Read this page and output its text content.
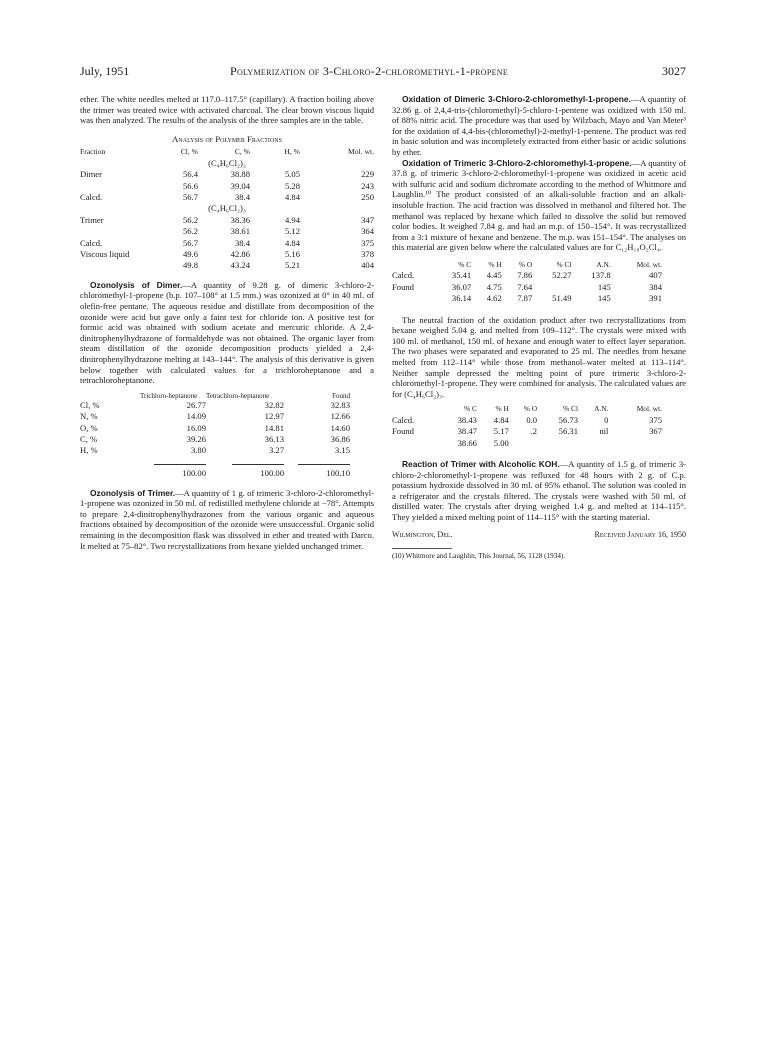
July, 1951	Polymerization of 3-Chloro-2-chloromethyl-1-propene	3027

ether. The white needles melted at 117.0–117.5° (capillary). A fraction boiling above the trimer was treated twice with activated charcoal. The clear brown viscous liquid was then analyzed. The results of the analysis of the three samples are in the table.

Analysis of Polymer Fractions
Fraction	Cl, %	C, %	H, %	Mol. wt.
(C₄H₆Cl₂)₂				
Dimer	56.4	38.88	5.05	229
	56.6	39.04	5.28	243
Calcd.	56.7	38.4	4.84	250
(C₄H₆Cl₂)₃				
Trimer	56.2	38.36	4.94	347
	56.2	38.61	5.12	364
Calcd.	56.7	38.4	4.84	375
Viscous liquid	49.6	42.86	5.16	378
	49.8	43.24	5.21	404

Ozonolysis of Dimer.—A quantity of 9.28 g. of dimeric 3-chloro-2-chloromethyl-1-propene (b.p. 107–108° at 1.5 mm.) was ozonized at 0° in 40 ml. of olefin-free pentane. The aqueous residue and distillate from decomposition of the ozonide were acid but gave only a faint test for chloride ion. A positive test for formic acid was obtained with sodium acetate and mercuric chloride. A 2,4-dinitrophenylhydrazone of formaldehyde was not obtained. The organic layer from steam distillation of the ozonide decomposition products yielded a 2,4-dinitrophenylhydrazone melting at 143–144°. The analysis of this derivative is given below together with calculated values for a trichloroheptanone and a tetrachloroheptanone.

	Trichloro-heptanone	Tetrachloro-heptanone	Found
Cl, %	26.77	32.82	32.83
N, %	14.09	12.97	12.66
O, %	16.09	14.81	14.60
C, %	39.26	36.13	36.86
H, %	3.80	3.27	3.15

	100.00	100.00	100.10

Ozonolysis of Trimer.—A quantity of 1 g. of trimeric 3-chloro-2-chloromethyl-1-propene was ozonized in 50 ml. of redistilled methylene chloride at −78°. Attempts to prepare 2,4-dinitrophenylhydrazones from the various organic and aqueous fractions obtained by decomposition of the ozonide were unsuccessful. Organic solid remaining in the decomposition flask was dissolved in ether and treated with Darco. It melted at 75–82°. Two recrystallizations from hexane yielded unchanged trimer.

Oxidation of Dimeric 3-Chloro-2-chloromethyl-1-propene.—A quantity of 32.86 g. of 2,4,4-tris-(chloromethyl)-5-chloro-1-pentene was oxidized with 150 ml. of 88% nitric acid. The procedure was that used by Wilzbach, Mayo and Van Meter³ for the oxidation of 4,4-bis-(chloromethyl)-2-methyl-1-pentene. The product was red in basic solution and was incompletely extracted from either basic or acidic solutions by ether.

Oxidation of Trimeric 3-Chloro-2-chloromethyl-1-propene.—A quantity of 37.8 g. of trimeric 3-chloro-2-chloromethyl-1-propene was oxidized in acetic acid with sulfuric acid and sodium dichromate according to the method of Whitmore and Laughlin.¹⁰ The product consisted of an alkali-soluble fraction and an alkali-insoluble fraction. The acid fraction was dissolved in methanol and filtered hot. The methanol was replaced by hexane which failed to dissolve the solid but removed color bodies. It weighed 7.84 g. and had an m.p. of 150–154°. It was recrystallized from a 3:1 mixture of hexane and benzene. The m.p. was 151–154°. The analyses on this material are given below where the calculated values are for C₁₂H₁₈O₂Cl₄.

	% C	% H	% O	% Cl	A.N.	Mol. wt.
Calcd.	35.41	4.45	7.86	52.27	137.8	407
Found	36.07	4.75	7.64		145	384
	36.14	4.62	7.87	51.49	145	391

The neutral fraction of the oxidation product after two recrystallizations from hexane weighed 5.04 g. and melted from 109–112°. The crystals were mixed with 100 ml. of methanol, 150 ml. of hexane and enough water to effect layer separation. The two phases were separated and evaporated to 25 ml. The needles from hexane melted from 112–114° while those from methanol–water melted at 113–114°. Neither sample depressed the melting point of pure trimeric 3-chloro-2-chloromethyl-1-propene. They were combined for analysis. The calculated values are for (C₄H₆Cl₂)₃.

	% C	% H	% O	% Cl	A.N.	Mol. wt.
Calcd.	38.43	4.84	0.0	56.73	0	375
Found	38.47	5.17	.2	56.31	nil	367
	38.66	5.00				

Reaction of Trimer with Alcoholic KOH.—A quantity of 1.5 g. of trimeric 3-chloro-2-chloromethyl-1-propene was refluxed for 48 hours with 2 g. of C.p. potassium hydroxide dissolved in 30 ml. of 95% ethanol. The solution was cooled in a refrigerator and the crystals filtered. The crystals were washed with 50 ml. of distilled water. The crystals after drying weighed 1.4 g. and melted at 114–115°. They yielded a mixed melting point of 114–115° with the starting material.

Wilmington, Del.	Received January 16, 1950
(10) Whitmore and Laughlin, This Journal, 56, 1128 (1934).
